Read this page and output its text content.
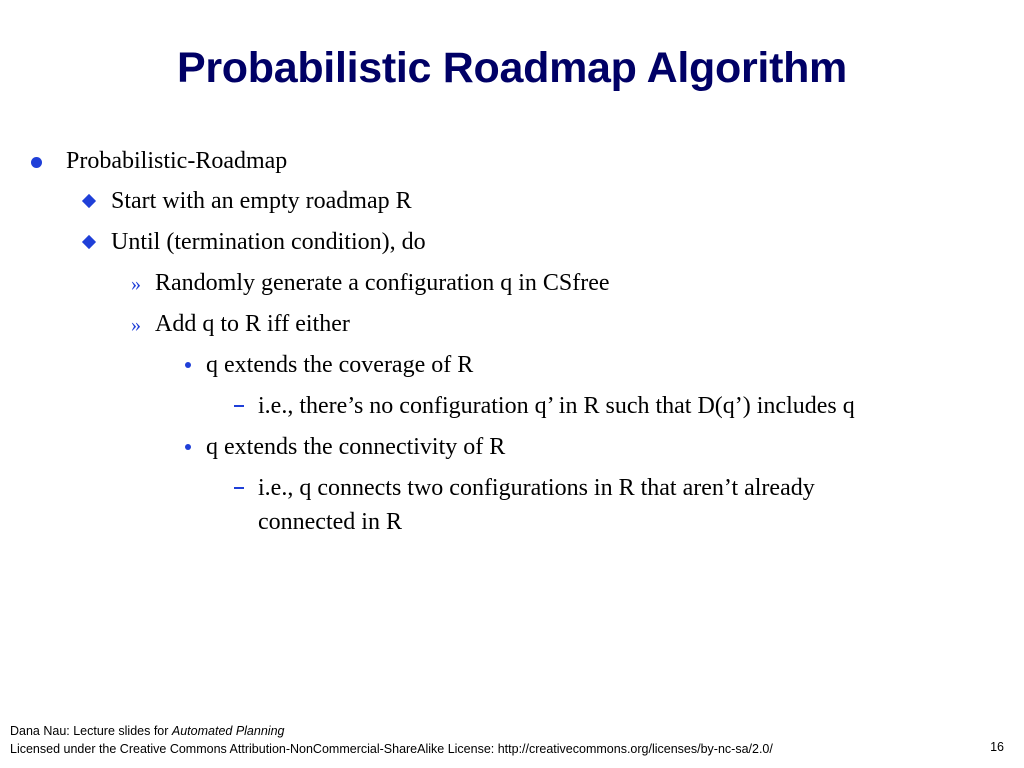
Probabilistic Roadmap Algorithm
Probabilistic-Roadmap
Start with an empty roadmap R
Until (termination condition), do
» Randomly generate a configuration q in CSfree
» Add q to R iff either
q extends the coverage of R
i.e., there’s no configuration q’ in R such that D(q’) includes q
q extends the connectivity of R
i.e., q connects two configurations in R that aren’t already
connected in R
Dana Nau: Lecture slides for Automated Planning
Licensed under the Creative Commons Attribution-NonCommercial-ShareAlike License: http://creativecommons.org/licenses/by-nc-sa/2.0/	16
